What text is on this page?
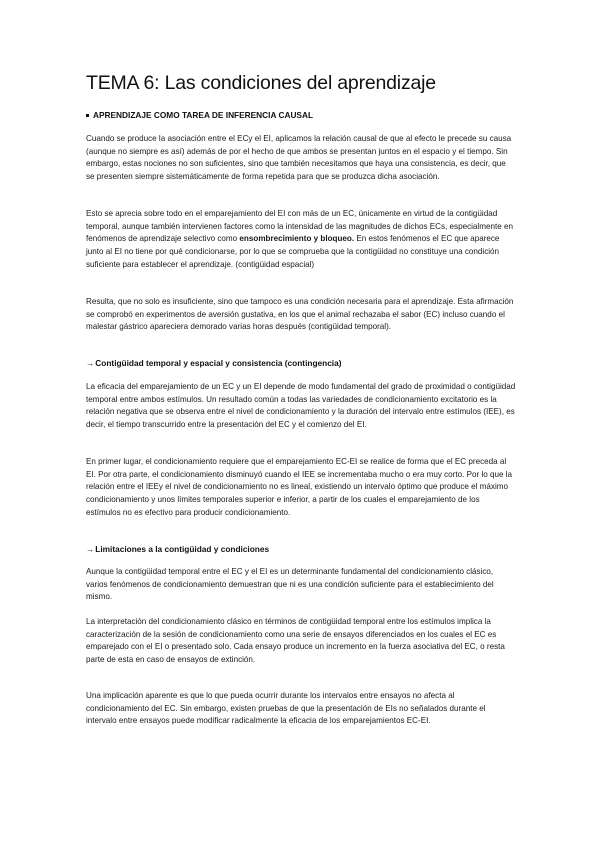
TEMA 6: Las condiciones del aprendizaje

APRENDIZAJE COMO TAREA DE INFERENCIA CAUSAL

Cuando se produce la asociación entre el ECy el EI, aplicamos la relación causal de que al efecto le precede su causa (aunque no siempre es así) además de por el hecho de que ambos se presentan juntos en el espacio y el tiempo. Sin embargo, estas nociones no son suficientes, sino que también necesitamos que haya una consistencia, es decir, que se presenten siempre sistemáticamente de forma repetida para que se produzca dicha asociación.

Esto se aprecia sobre todo en el emparejamiento del EI con más de un EC, únicamente en virtud de la contigüidad temporal, aunque también intervienen factores como la intensidad de las magnitudes de dichos ECs, especialmente en fenómenos de aprendizaje selectivo como ensombrecimiento y bloqueo. En estos fenómenos el EC que aparece junto al EI no tiene por qué condicionarse, por lo que se comprueba que la contigüidad no constituye una condición suficiente para establecer el aprendizaje. (contigüidad espacial)

Resulta, que no solo es insuficiente, sino que tampoco es una condición necesaria para el aprendizaje. Esta afirmación se comprobó en experimentos de aversión gustativa, en los que el animal rechazaba el sabor (EC) incluso cuando el malestar gástrico apareciera demorado varias horas después (contigüidad temporal).

→Contigüidad temporal y espacial y consistencia (contingencia)

La eficacia del emparejamiento de un EC y un EI depende de modo fundamental del grado de proximidad o contigüidad temporal entre ambos estímulos. Un resultado común a todas las variedades de condicionamiento excitatorio es la relación negativa que se observa entre el nivel de condicionamiento y la duración del intervalo entre estímulos (IEE), es decir, el tiempo transcurrido entre la presentación del EC y el comienzo del EI.

En primer lugar, el condicionamiento requiere que el emparejamiento EC-EI se realice de forma que el EC preceda al EI. Por otra parte, el condicionamiento disminuyó cuando el IEE se incrementaba mucho o era muy corto. Por lo que la relación entre el IEEy el nivel de condicionamiento no es lineal, existiendo un intervalo óptimo que produce el máximo condicionamiento y unos límites temporales superior e inferior, a partir de los cuales el emparejamiento de los estímulos no es efectivo para producir condicionamiento.

→Limitaciones a la contigüidad y condiciones

Aunque la contigüidad temporal entre el EC y el EI es un determinante fundamental del condicionamiento clásico, varios fenómenos de condicionamiento demuestran que ni es una condición suficiente para el establecimiento del mismo.

La interpretación del condicionamiento clásico en términos de contigüidad temporal entre los estímulos implica la caracterización de la sesión de condicionamiento como una serie de ensayos diferenciados en los cuales el EC es emparejado con el EI o presentado solo. Cada ensayo produce un incremento en la fuerza asociativa del EC, o resta parte de esta en caso de ensayos de extinción.

Una implicación aparente es que lo que pueda ocurrir durante los intervalos entre ensayos no afecta al condicionamiento del EC. Sin embargo, existen pruebas de que la presentación de EIs no señalados durante el intervalo entre ensayos puede modificar radicalmente la eficacia de los emparejamientos EC-EI.
